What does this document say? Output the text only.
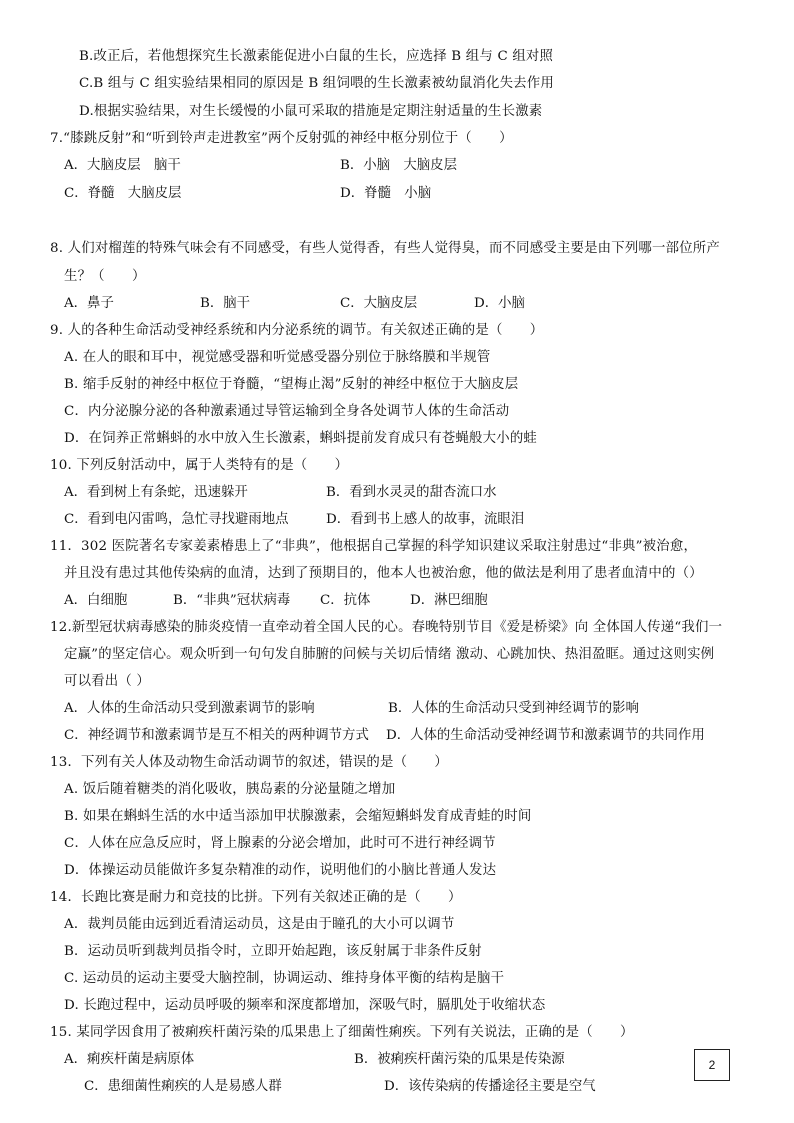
B.改正后，若他想探究生长激素能促进小白鼠的生长，应选择 B 组与 C 组对照
C.B 组与 C 组实验结果相同的原因是 B 组饲喂的生长激素被幼鼠消化失去作用
D.根据实验结果，对生长缓慢的小鼠可采取的措施是定期注射适量的生长激素
7.“膝跳反射”和“听到铃声走进教室”两个反射弧的神经中枢分别位于（　　）
8. 人们对榴莲的特殊气味会有不同感受，有些人觉得香，有些人觉得臭，而不同感受主要是由下列哪一部位所产
生？（　　）
9. 人的各种生命活动受神经系统和内分泌系统的调节。有关叙述正确的是（　　）
A. 在人的眼和耳中，视觉感受器和听觉感受器分别位于脉络膜和半规管
B. 缩手反射的神经中枢位于脊髓，“望梅止渴”反射的神经中枢位于大脑皮层
C．内分泌腺分泌的各种激素通过导管运输到全身各处调节人体的生命活动
D．在饲养正常蝌蚪的水中放入生长激素，蝌蚪提前发育成只有苍蝇般大小的蛙
10. 下列反射活动中，属于人类特有的是（　　）
11．302 医院著名专家姜素椿患上了“非典”，他根据自己掌握的科学知识建议采取注射患过“非典”被治愈，
并且没有患过其他传染病的血清，达到了预期目的，他本人也被治愈，他的做法是利用了患者血清中的（）
12.新型冠状病毒感染的肺炎疫情一直牵动着全国人民的心。春晚特别节目《爱是桥梁》向 全体国人传递“我们一
定赢”的坚定信心。观众听到一句句发自肺腑的问候与关切后情绪 激动、心跳加快、热泪盈眶。通过这则实例
可以看出（ ）
13．下列有关人体及动物生命活动调节的叙述，错误的是（　　）
A. 饭后随着糖类的消化吸收，胰岛素的分泌量随之增加
B. 如果在蝌蚪生活的水中适当添加甲状腺激素，会缩短蝌蚪发育成青蛙的时间
C．人体在应急反应时，肾上腺素的分泌会增加，此时可不进行神经调节
D．体操运动员能做许多复杂精准的动作，说明他们的小脑比普通人发达
14．长跑比赛是耐力和竞技的比拼。下列有关叙述正确的是（　　）
A．裁判员能由远到近看清运动员，这是由于瞳孔的大小可以调节
B．运动员听到裁判员指令时，立即开始起跑，该反射属于非条件反射
C. 运动员的运动主要受大脑控制，协调运动、维持身体平衡的结构是脑干
D. 长跑过程中，运动员呼吸的频率和深度都增加，深吸气时，膈肌处于收缩状态
15. 某同学因食用了被痢疾杆菌污染的瓜果患上了细菌性痢疾。下列有关说法，正确的是（　　）
A．大脑皮层　脑干	B．小脑　大脑皮层
C．脊髓　大脑皮层	D．脊髓　小脑
A．鼻子	B．脑干	C．大脑皮层	D．小脑
A．看到树上有条蛇，迅速躲开	B．看到水灵灵的甜杏流口水
C．看到电闪雷鸣，急忙寻找避雨地点	D．看到书上感人的故事，流眼泪
A．白细胞	B．“非典”冠状病毒 C．抗体	D．淋巴细胞
A．人体的生命活动只受到激素调节的影响	B．人体的生命活动只受到神经调节的影响
C．神经调节和激素调节是互不相关的两种调节方式 D．人体的生命活动受神经调节和激素调节的共同作用
A．痢疾杆菌是病原体	B．被痢疾杆菌污染的瓜果是传染源
C．患细菌性痢疾的人是易感人群	D．该传染病的传播途径主要是空气
2
